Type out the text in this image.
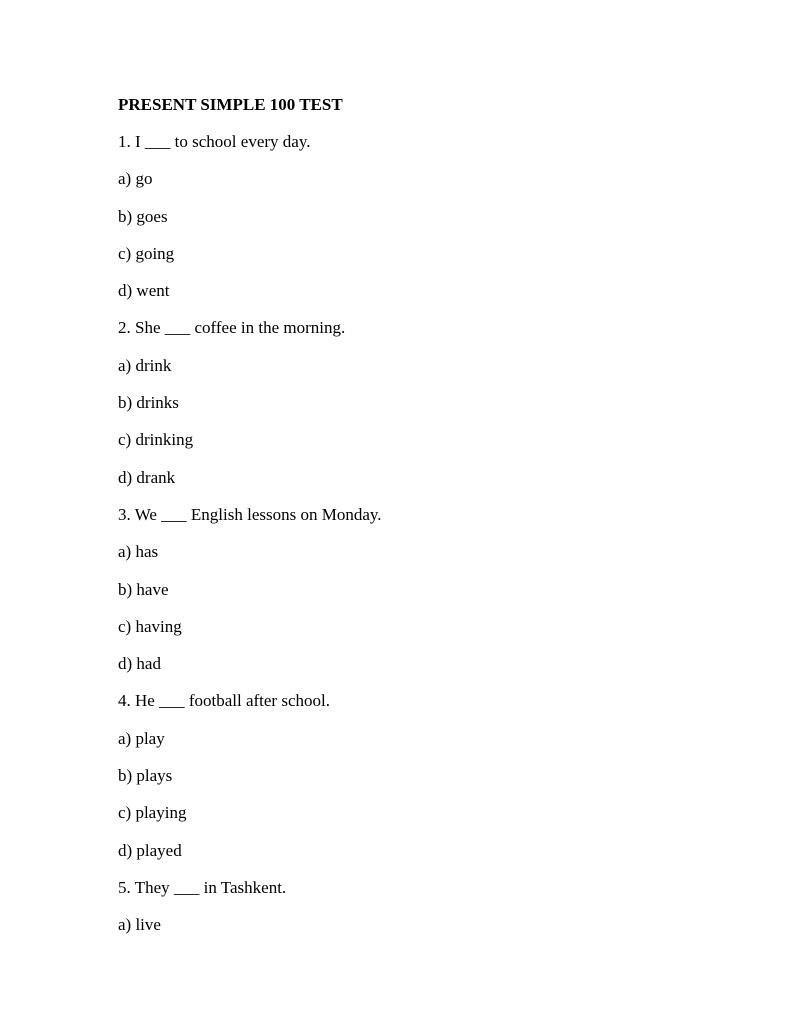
PRESENT SIMPLE 100 TEST
1. I ___ to school every day.
a) go
b) goes
c) going
d) went
2. She ___ coffee in the morning.
a) drink
b) drinks
c) drinking
d) drank
3. We ___ English lessons on Monday.
a) has
b) have
c) having
d) had
4. He ___ football after school.
a) play
b) plays
c) playing
d) played
5. They ___ in Tashkent.
a) live
